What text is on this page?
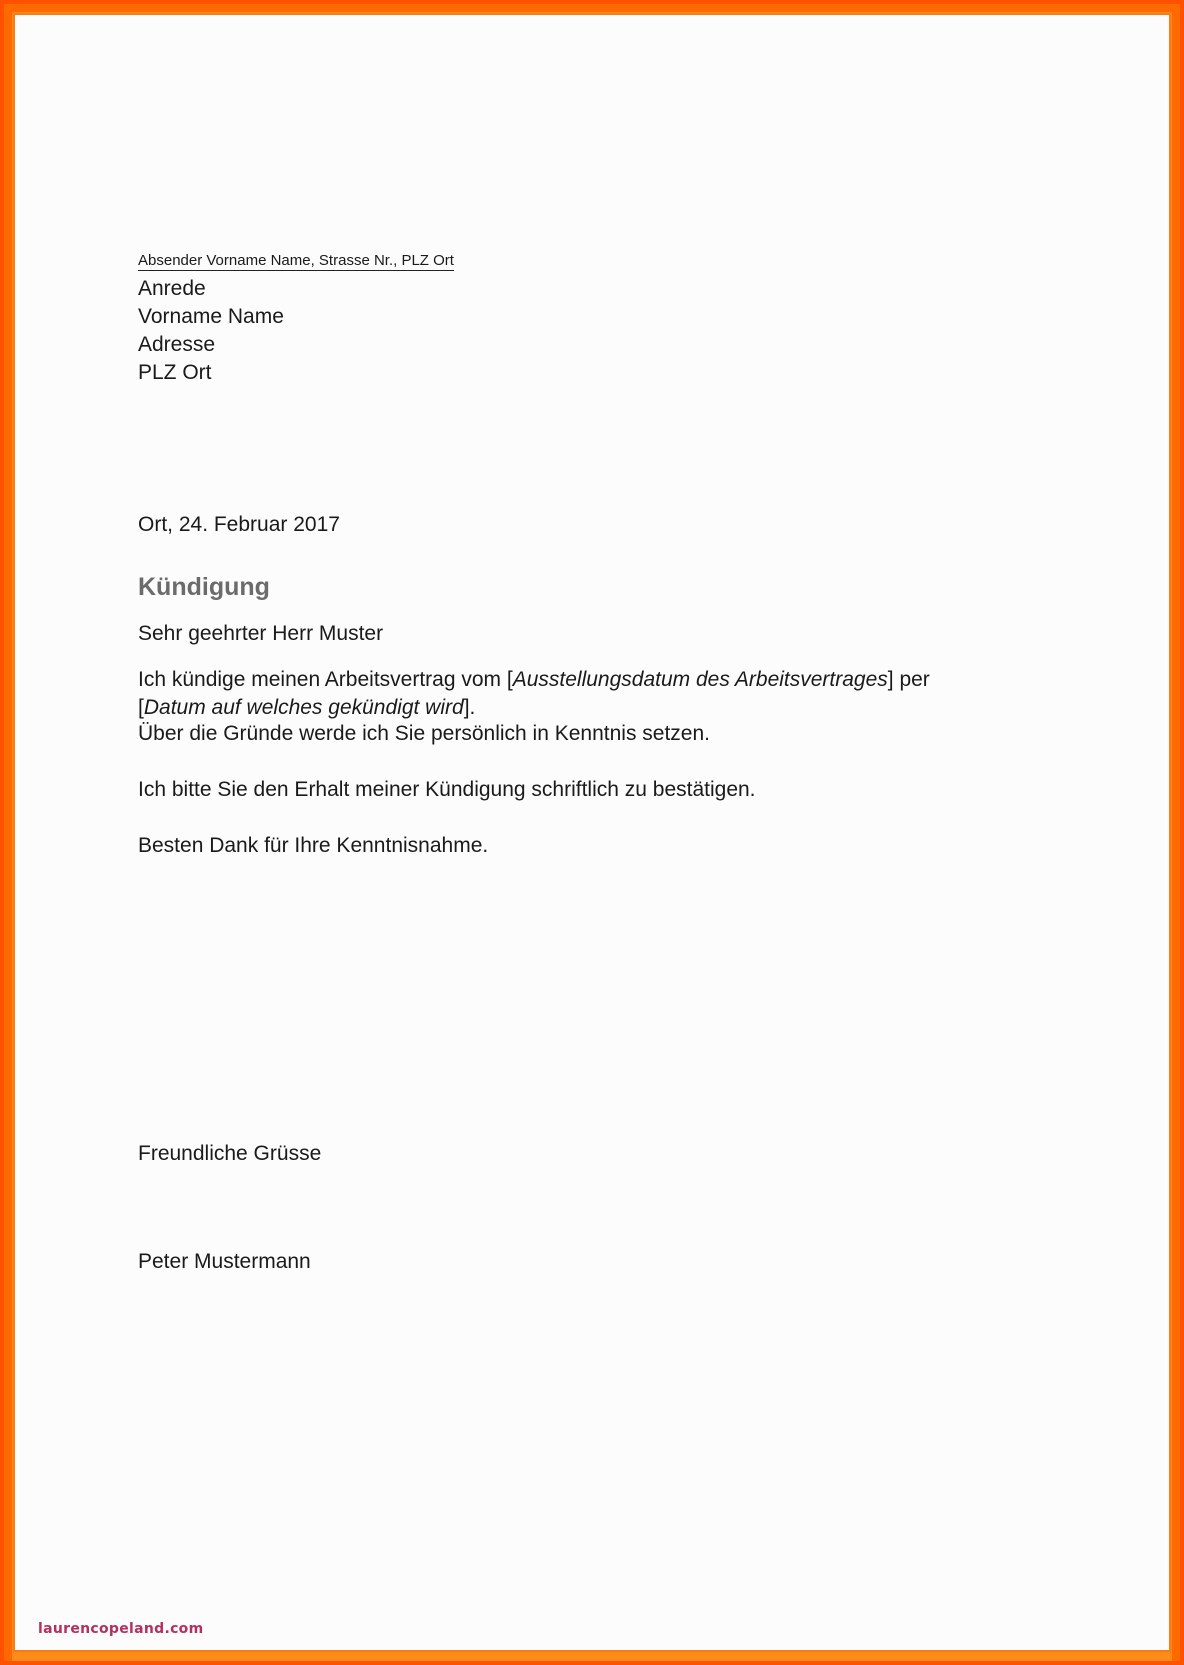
Absender Vorname Name, Strasse Nr., PLZ Ort
Anrede
Vorname Name
Adresse
PLZ Ort
Ort, 24. Februar 2017
Kündigung
Sehr geehrter Herr Muster
Ich kündige meinen Arbeitsvertrag vom [Ausstellungsdatum des Arbeitsvertrages] per [Datum auf welches gekündigt wird].
Über die Gründe werde ich Sie persönlich in Kenntnis setzen.
Ich bitte Sie den Erhalt meiner Kündigung schriftlich zu bestätigen.
Besten Dank für Ihre Kenntnisnahme.
Freundliche Grüsse
Peter Mustermann
laurencopeland.com
